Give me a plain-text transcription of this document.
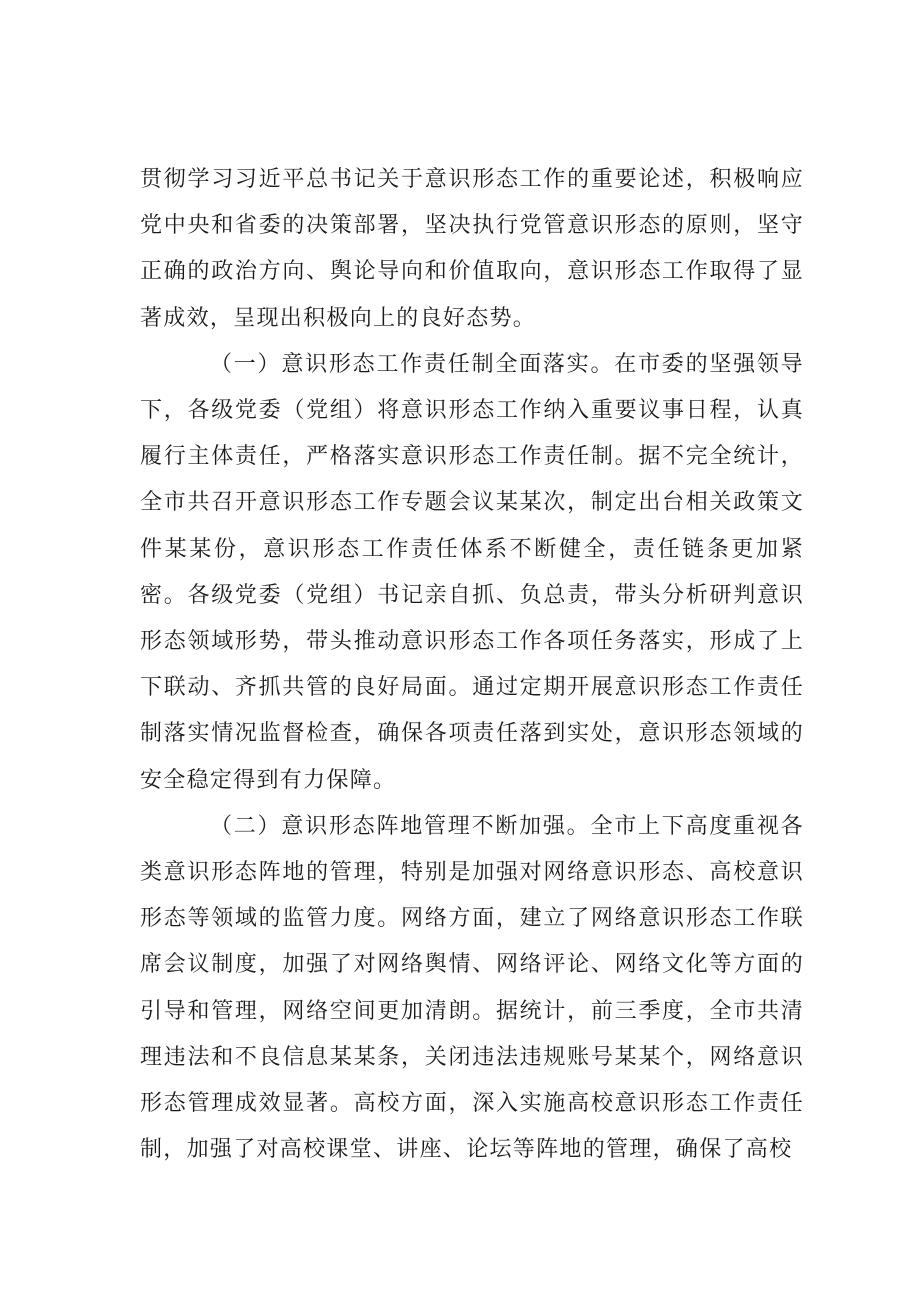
贯彻学习习近平总书记关于意识形态工作的重要论述，积极响应党中央和省委的决策部署，坚决执行党管意识形态的原则，坚守正确的政治方向、舆论导向和价值取向，意识形态工作取得了显著成效，呈现出积极向上的良好态势。

（一）意识形态工作责任制全面落实。在市委的坚强领导下，各级党委（党组）将意识形态工作纳入重要议事日程，认真履行主体责任，严格落实意识形态工作责任制。据不完全统计，全市共召开意识形态工作专题会议某某次，制定出台相关政策文件某某份，意识形态工作责任体系不断健全，责任链条更加紧密。各级党委（党组）书记亲自抓、负总责，带头分析研判意识形态领域形势，带头推动意识形态工作各项任务落实，形成了上下联动、齐抓共管的良好局面。通过定期开展意识形态工作责任制落实情况监督检查，确保各项责任落到实处，意识形态领域的安全稳定得到有力保障。

（二）意识形态阵地管理不断加强。全市上下高度重视各类意识形态阵地的管理，特别是加强对网络意识形态、高校意识形态等领域的监管力度。网络方面，建立了网络意识形态工作联席会议制度，加强了对网络舆情、网络评论、网络文化等方面的引导和管理，网络空间更加清朗。据统计，前三季度，全市共清理违法和不良信息某某条，关闭违法违规账号某某个，网络意识形态管理成效显著。高校方面，深入实施高校意识形态工作责任制，加强了对高校课堂、讲座、论坛等阵地的管理，确保了高校
